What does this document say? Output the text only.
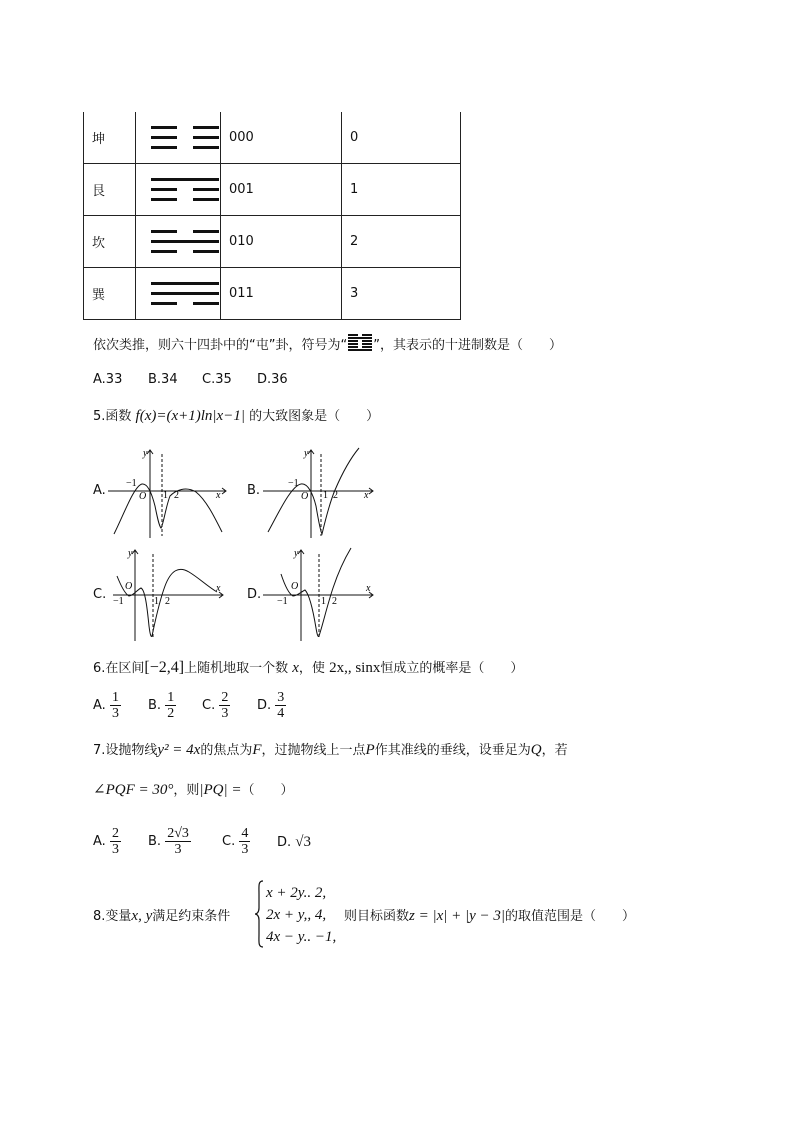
坤		000	0
艮		001	1
坎		010	2
巽		011	3
依次类推，则六十四卦中的“屯”卦，符号为“ ”，其表示的十进制数是（　　）
A.33 B.34 C.35 D.36
5.函数 f(x)=(x+1)ln|x−1| 的大致图象是（　　）
A.
y
x
O
−1
1 2	B.
y
x
O
−1
1 2
C.
y
x
O
−1	1 2	D.
y
x
O
−1	1 2
6.在区间[−2,4]上随机地取一个数 x，使 2x,, sinx恒成立的概率是（　　）
A. $\frac{1}{3} B$. $\frac{1}{2} C$. $\frac{2}{3} D$. $\frac{3}{4}$
7.设抛物线y² = 4x的焦点为F，过抛物线上一点P作其准线的垂线，设垂足为Q，若
∠PQF = 30°，则|PQ| =（　　）
A. $\frac{2}{3} B$. $\frac{2√3}{3} C$. $\frac{4}{3} D$. √3
8.变量x, y满足约束条件
x + 2y.. 2,
2x + y,, 4,
4x − y.. −1,
则目标函数z = |x| + |y − 3|的取值范围是（　　）
